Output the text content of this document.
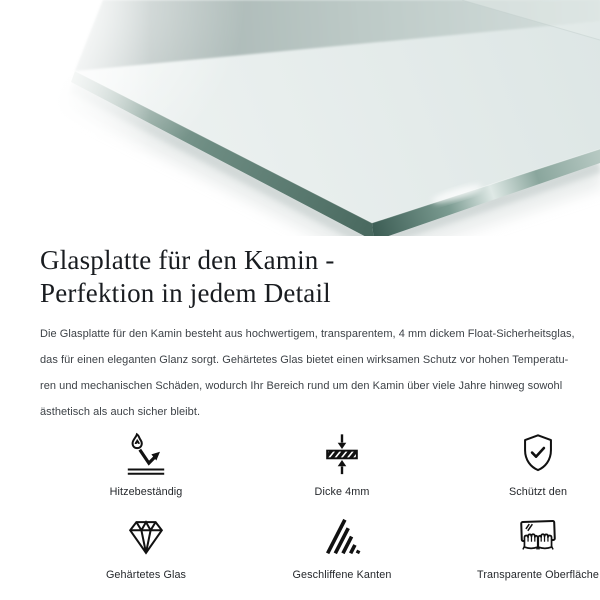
Glasplatte für den Kamin -
Perfektion in jedem Detail

Die Glasplatte für den Kamin besteht aus hochwertigem, transparentem, 4 mm dickem Float-Sicherheitsglas,
das für einen eleganten Glanz sorgt. Gehärtetes Glas bietet einen wirksamen Schutz vor hohen Temperatu-
ren und mechanischen Schäden, wodurch Ihr Bereich rund um den Kamin über viele Jahre hinweg sowohl
ästhetisch als auch sicher bleibt.

Hitzebeständig	Dicke 4mm	Schützt den
Gehärtetes Glas	Geschliffene Kanten	Transparente Oberfläche
